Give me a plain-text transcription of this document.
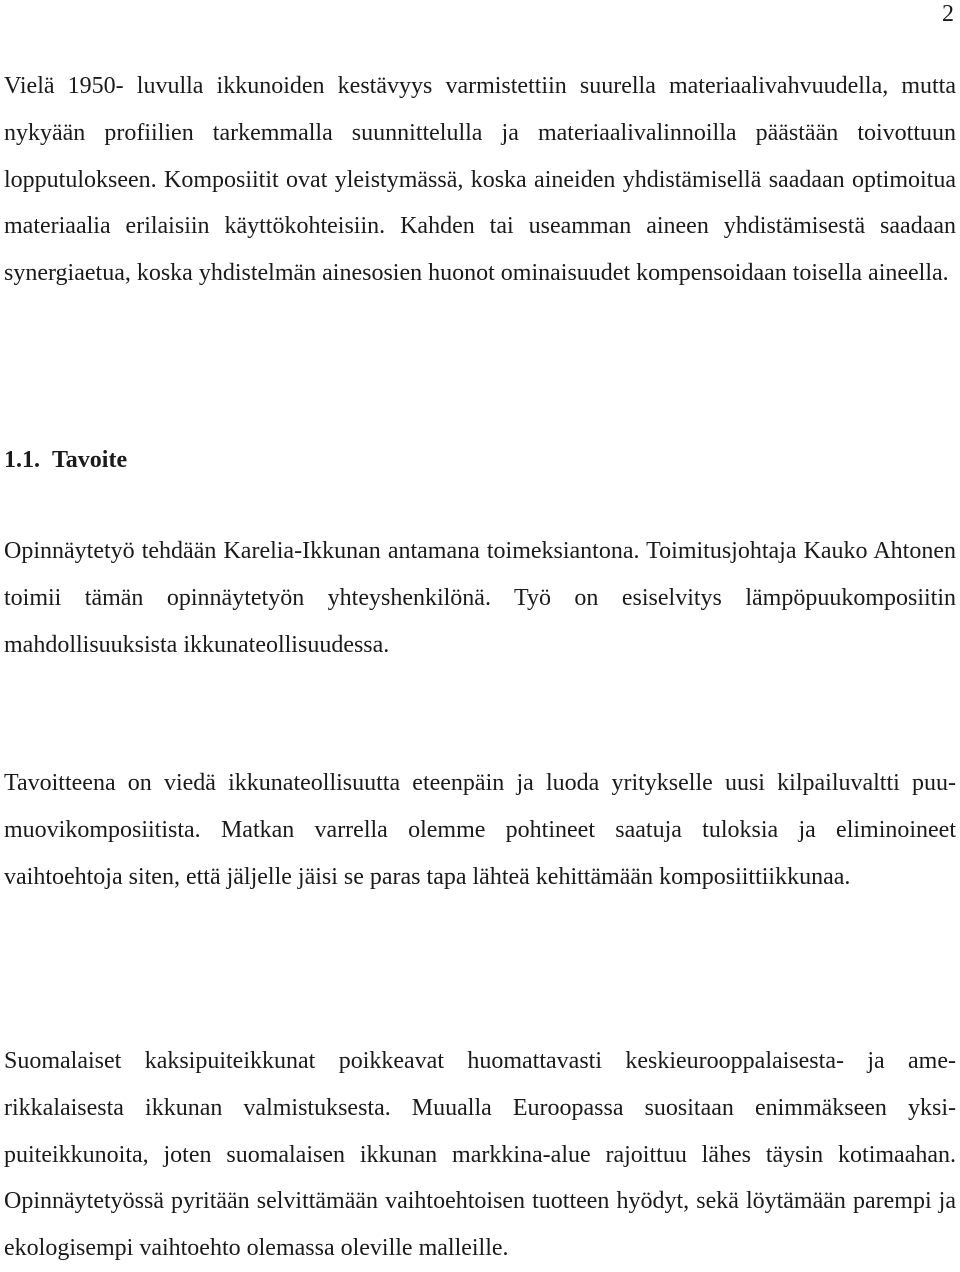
2

Vielä 1950- luvulla ikkunoiden kestävyys varmistettiin suurella materiaalivahvuudella, mutta nykyään profiilien tarkemmalla suunnittelulla ja materiaalivalinnoilla päästään toivottuun lopputulokseen. Komposiitit ovat yleistymässä, koska aineiden yhdistämisellä saadaan optimoitua materiaalia erilaisiin käyttökohteisiin. Kahden tai useamman aineen yhdistämisestä saadaan synergiaetua, koska yhdistelmän ainesosien huonot ominaisuudet kompensoidaan toisella aineella.

1.1. Tavoite

Opinnäytetyö tehdään Karelia-Ikkunan antamana toimeksiantona. Toimitusjohtaja Kauko Ahtonen toimii tämän opinnäytetyön yhteyshenkilönä. Työ on esiselvitys lämpöpuukomposiitin mahdollisuuksista ikkunateollisuudessa.

Tavoitteena on viedä ikkunateollisuutta eteenpäin ja luoda yritykselle uusi kilpailuvaltti puu-muovikomposiitista. Matkan varrella olemme pohtineet saatuja tuloksia ja eliminoineet vaihtoehtoja siten, että jäljelle jäisi se paras tapa lähteä kehittämään komposiittiikkunaa.

Suomalaiset kaksipuiteikkunat poikkeavat huomattavasti keskieurooppalaisesta- ja amerikkalaisesta ikkunan valmistuksesta. Muualla Euroopassa suositaan enimmäkseen yksipuiteikkunoita, joten suomalaisen ikkunan markkina-alue rajoittuu lähes täysin kotimaahan. Opinnäytetyössä pyritään selvittämään vaihtoehtoisen tuotteen hyödyt, sekä löytämään parempi ja ekologisempi vaihtoehto olemassa oleville malleille.
